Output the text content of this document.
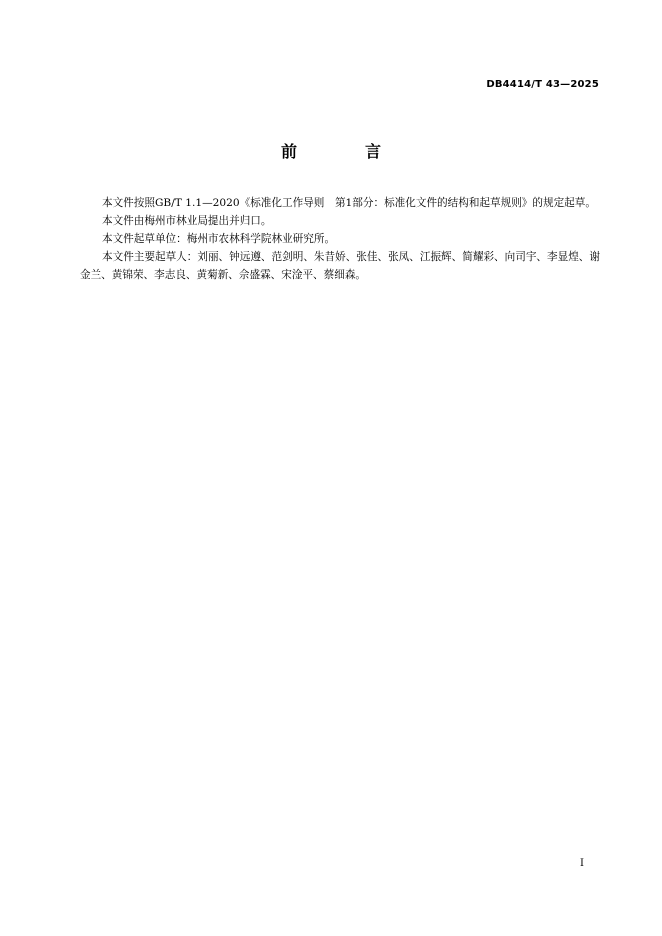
DB4414/T 43—2025
前　言

本文件按照GB/T 1.1—2020《标准化工作导则　第1部分：标准化文件的结构和起草规则》的规定起草。

本文件由梅州市林业局提出并归口。

本文件起草单位：梅州市农林科学院林业研究所。

本文件主要起草人：刘丽、钟远遵、范剑明、朱昔娇、张佳、张凤、江振辉、简耀彩、向司宇、李显煌、谢金兰、黄锦荣、李志良、黄菊新、佘盛霖、宋淦平、蔡细森。

I
